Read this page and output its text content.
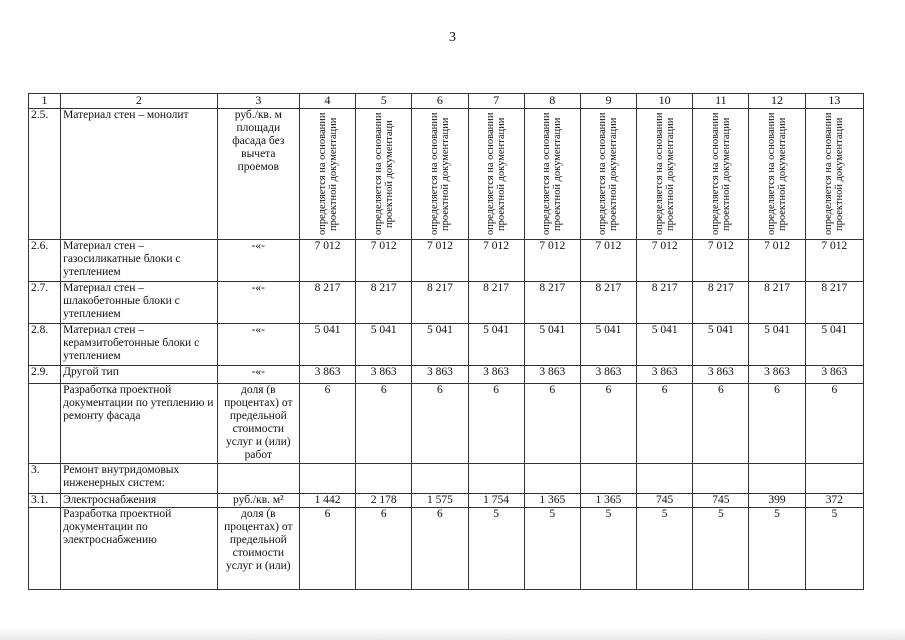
3
1	2	3	4	5	6	7	8	9	10	11	12	13
2.5.	Материал стен – монолит	руб./кв. м площади фасада без вычета проемов	определяется на основании проектной документации	определяется на основании проектной документаци	определяется на основании проектной документации	определяется на основании проектной документации	определяется на основании проектной документации	определяется на основании проектной документации	определяется на основании проектной документации	определяется на основании проектной документации	определяется на основании проектной документации	определяется на основании проектной документации

2.6.	Материал стен – газосиликатные блоки с утеплением	-«-	7 012	7 012	7 012	7 012	7 012	7 012	7 012	7 012	7 012	7 012
2.7.	Материал стен – шлакобетонные блоки с утеплением	-«-	8 217	8 217	8 217	8 217	8 217	8 217	8 217	8 217	8 217	8 217
2.8.	Материал стен – керамзитобетонные блоки с утеплением	-«-	5 041	5 041	5 041	5 041	5 041	5 041	5 041	5 041	5 041	5 041
2.9.	Другой тип	-«-	3 863	3 863	3 863	3 863	3 863	3 863	3 863	3 863	3 863	3 863
	Разработка проектной документации по утеплению и ремонту фасада	доля (в процентах) от предельной стоимости услуг и (или) работ	6	6	6	6	6	6	6	6	6	6
3.	Ремонт внутридомовых инженерных систем:											
3.1.	Электроснабжения	руб./кв. м²	1 442	2 178	1 575	1 754	1 365	1 365	745	745	399	372
	Разработка проектной документации по электроснабжению	доля (в процентах) от предельной стоимости услуг и (или)	6	6	6	5	5	5	5	5	5	5
